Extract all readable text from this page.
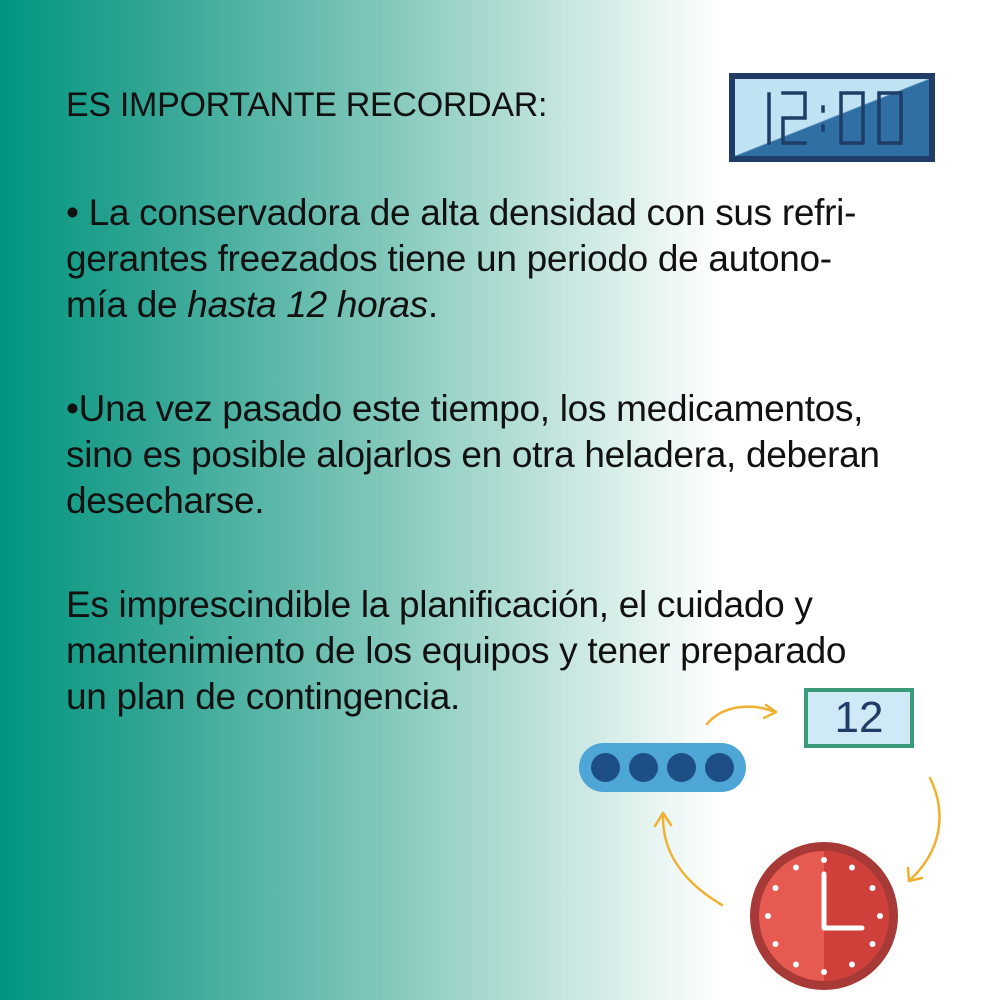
ES IMPORTANTE RECORDAR:

• La conservadora de alta densidad con sus refri-
gerantes freezados tiene un periodo de autono-
mía de hasta 12 horas.

•Una vez pasado este tiempo, los medicamentos,
sino es posible alojarlos en otra heladera, deberan
desecharse.

Es imprescindible la planificación, el cuidado y
mantenimiento de los equipos y tener preparado
un plan de contingencia.	12
